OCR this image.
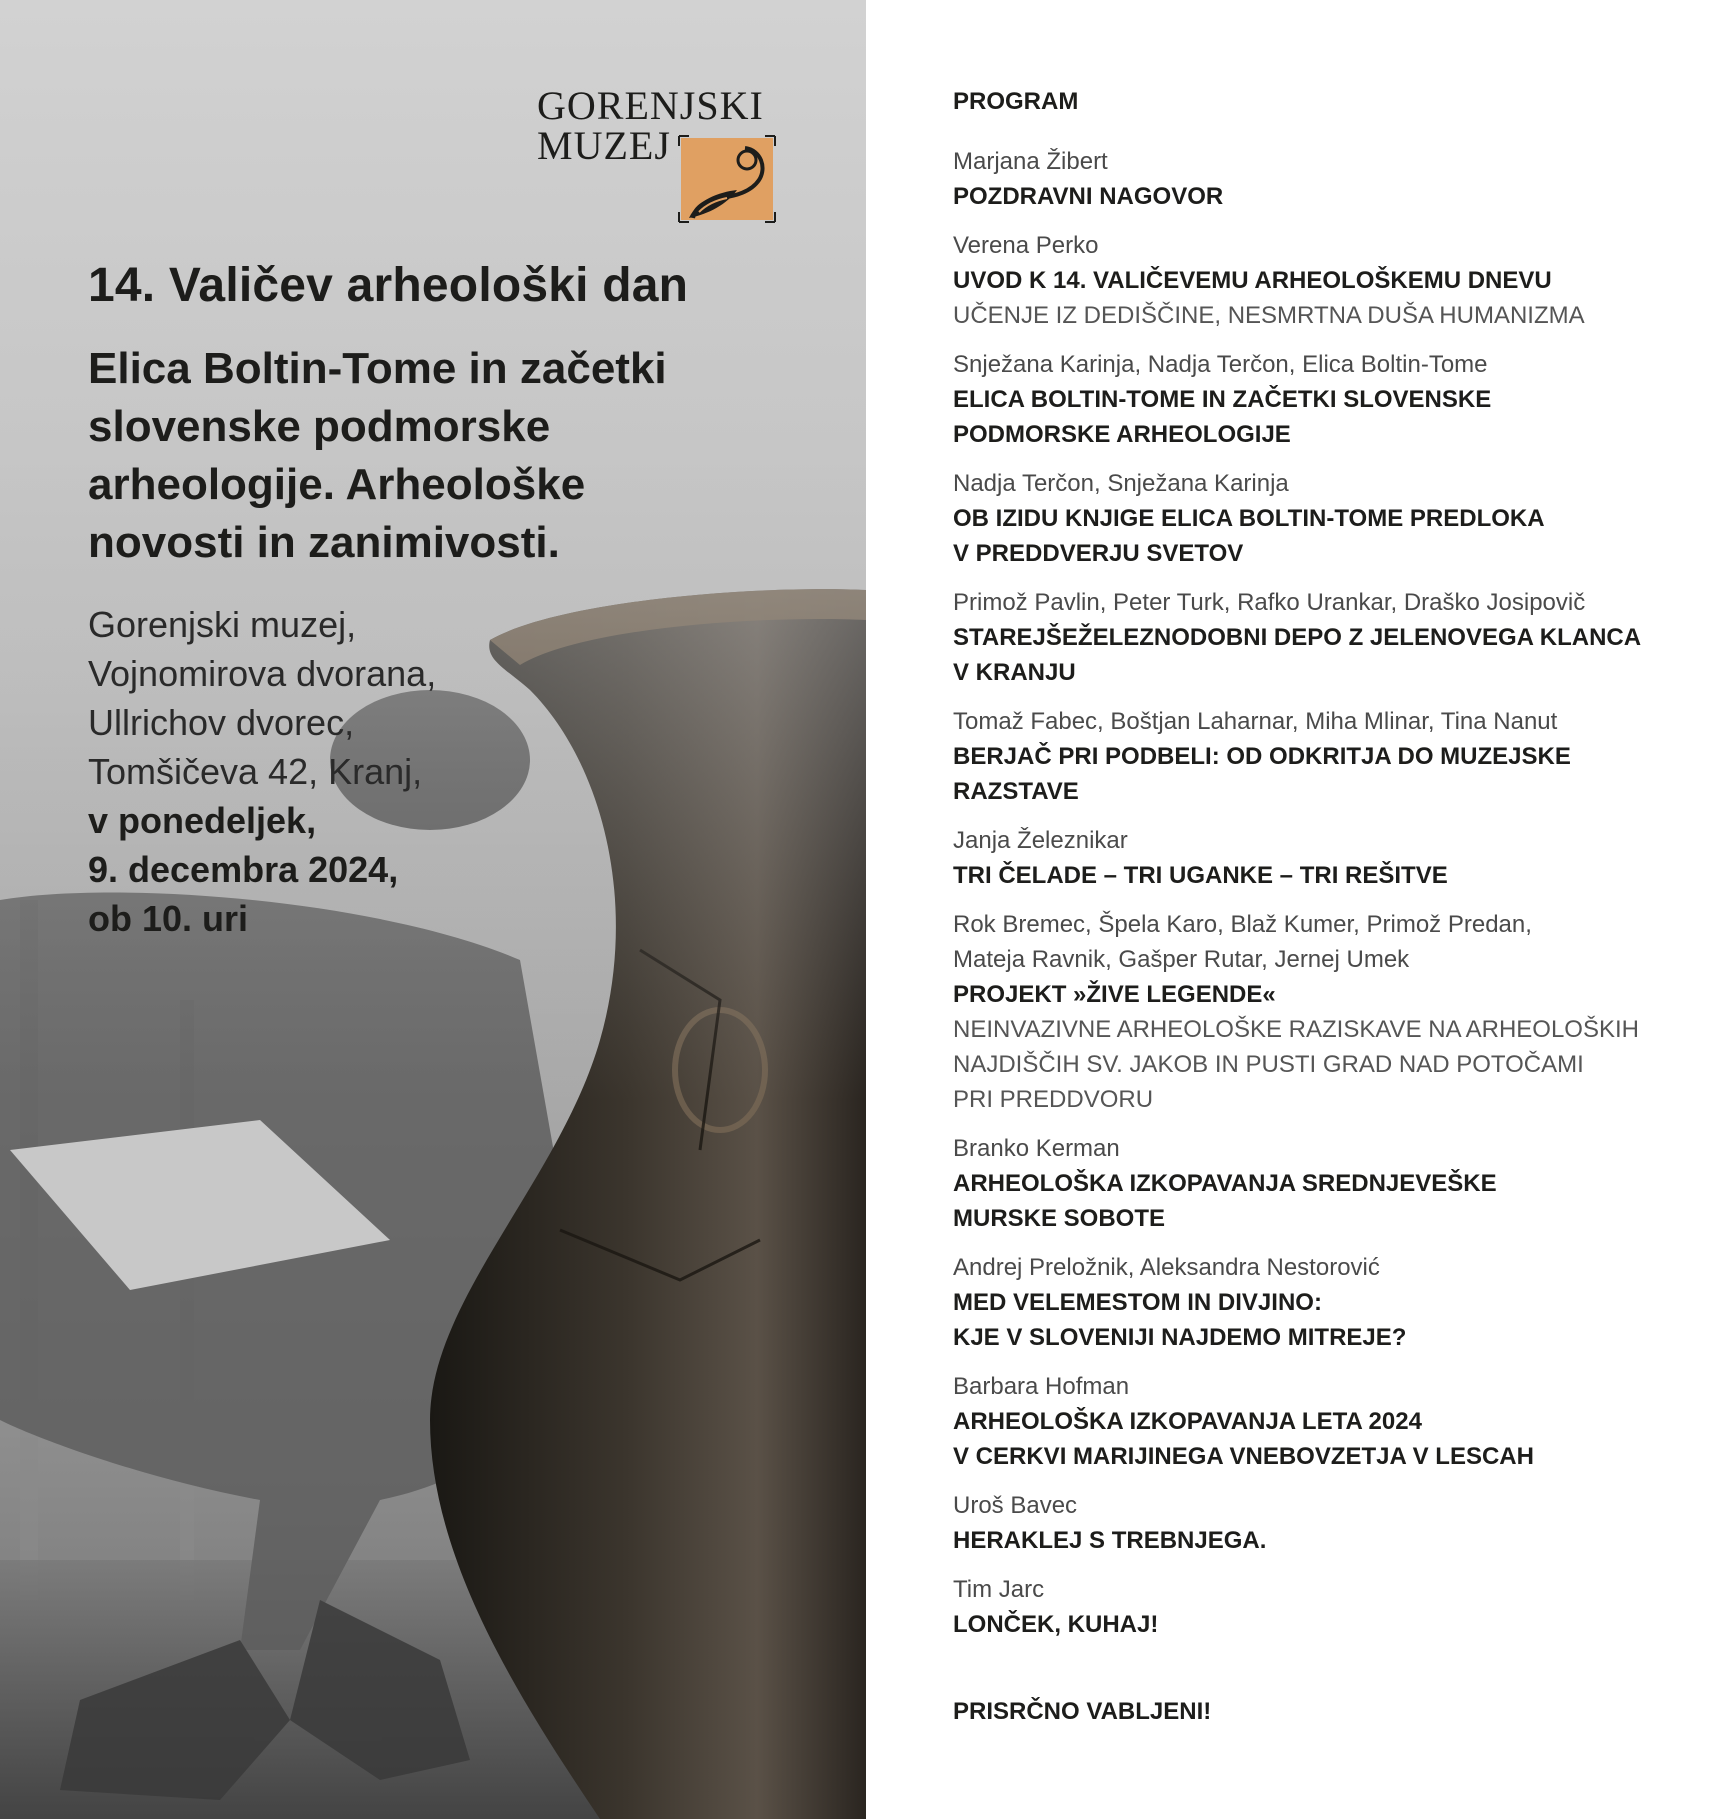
GORENJSKI
MUZEJ
14. Valičev arheološki dan
Elica Boltin-Tome in začetki
slovenske podmorske
arheologije. Arheološke
novosti in zanimivosti.
Gorenjski muzej,
Vojnomirova dvorana,
Ullrichov dvorec,
Tomšičeva 42, Kranj,
v ponedeljek,
9. decembra 2024,
ob 10. uri
PROGRAM
Marjana Žibert
POZDRAVNI NAGOVOR
Verena Perko
UVOD K 14. VALIČEVEMU ARHEOLOŠKEMU DNEVU
UČENJE IZ DEDIŠČINE, NESMRTNA DUŠA HUMANIZMA
Snježana Karinja, Nadja Terčon, Elica Boltin-Tome
ELICA BOLTIN-TOME IN ZAČETKI SLOVENSKE
PODMORSKE ARHEOLOGIJE
Nadja Terčon, Snježana Karinja
OB IZIDU KNJIGE ELICA BOLTIN-TOME PREDLOKA
V PREDDVERJU SVETOV
Primož Pavlin, Peter Turk, Rafko Urankar, Draško Josipovič
STAREJŠEŽELEZNODOBNI DEPO Z JELENOVEGA KLANCA
V KRANJU
Tomaž Fabec, Boštjan Laharnar, Miha Mlinar, Tina Nanut
BERJAČ PRI PODBELI: OD ODKRITJA DO MUZEJSKE
RAZSTAVE
Janja Železnikar
TRI ČELADE – TRI UGANKE – TRI REŠITVE
Rok Bremec, Špela Karo, Blaž Kumer, Primož Predan,
Mateja Ravnik, Gašper Rutar, Jernej Umek
PROJEKT »ŽIVE LEGENDE«
NEINVAZIVNE ARHEOLOŠKE RAZISKAVE NA ARHEOLOŠKIH
NAJDIŠČIH SV. JAKOB IN PUSTI GRAD NAD POTOČAMI
PRI PREDDVORU
Branko Kerman
ARHEOLOŠKA IZKOPAVANJA SREDNJEVEŠKE
MURSKE SOBOTE
Andrej Preložnik, Aleksandra Nestorović
MED VELEMESTOM IN DIVJINO:
KJE V SLOVENIJI NAJDEMO MITREJE?
Barbara Hofman
ARHEOLOŠKA IZKOPAVANJA LETA 2024
V CERKVI MARIJINEGA VNEBOVZETJA V LESCAH
Uroš Bavec
HERAKLEJ S TREBNJEGA.
Tim Jarc
LONČEK, KUHAJ!
PRISRČNO VABLJENI!
